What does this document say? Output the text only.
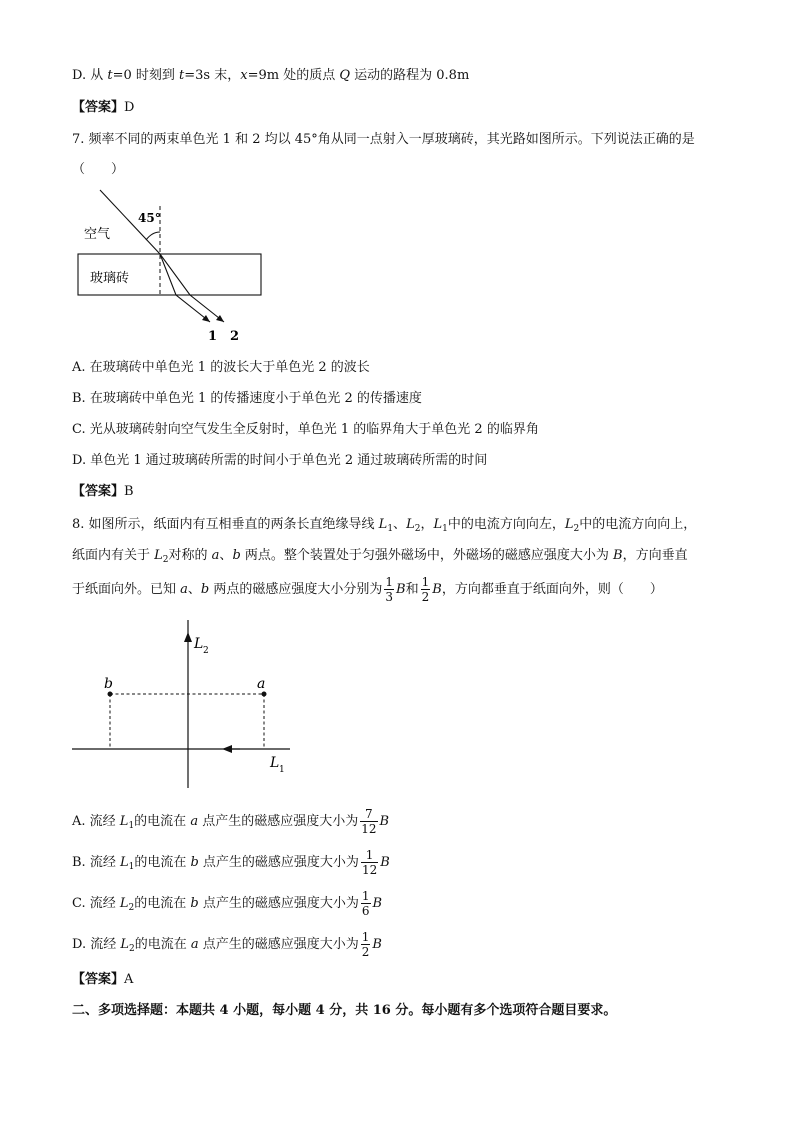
D. 从 t=0 时刻到 t=3s 末，x=9m 处的质点 Q 运动的路程为 0.8m
【答案】D
7. 频率不同的两束单色光 1 和 2 均以 45°角从同一点射入一厚玻璃砖，其光路如图所示。下列说法正确的是
（　　）
45°
空气
玻璃砖
1 2
A. 在玻璃砖中单色光 1 的波长大于单色光 2 的波长
B. 在玻璃砖中单色光 1 的传播速度小于单色光 2 的传播速度
C. 光从玻璃砖射向空气发生全反射时，单色光 1 的临界角大于单色光 2 的临界角
D. 单色光 1 通过玻璃砖所需的时间小于单色光 2 通过玻璃砖所需的时间
【答案】B
8. 如图所示，纸面内有互相垂直的两条长直绝缘导线 $L_1$、$L_2$，$L_1$中的电流方向向左，$L_2$中的电流方向向上，
纸面内有关于 $L_2$对称的 a、b 两点。整个装置处于匀强外磁场中，外磁场的磁感应强度大小为 B，方向垂直
于纸面向外。已知 a、b 两点的磁感应强度大小分别为 $\frac{1}{3}$ B和 $\frac{1}{2}$ B，方向都垂直于纸面向外，则（　　）
L 2
L 1
b	a
A. 流经 $L_1$的电流在 a 点产生的磁感应强度大小为 $\frac{7}{12}$ B
B. 流经 $L_1$的电流在 b 点产生的磁感应强度大小为 $\frac{1}{12}$ B
C. 流经 $L_2$的电流在 b 点产生的磁感应强度大小为 $\frac{1}{6}$ B
D. 流经 $L_2$的电流在 a 点产生的磁感应强度大小为 $\frac{1}{2}$ B
【答案】A
二、多项选择题：本题共 4 小题，每小题 4 分，共 16 分。每小题有多个选项符合题目要求。
